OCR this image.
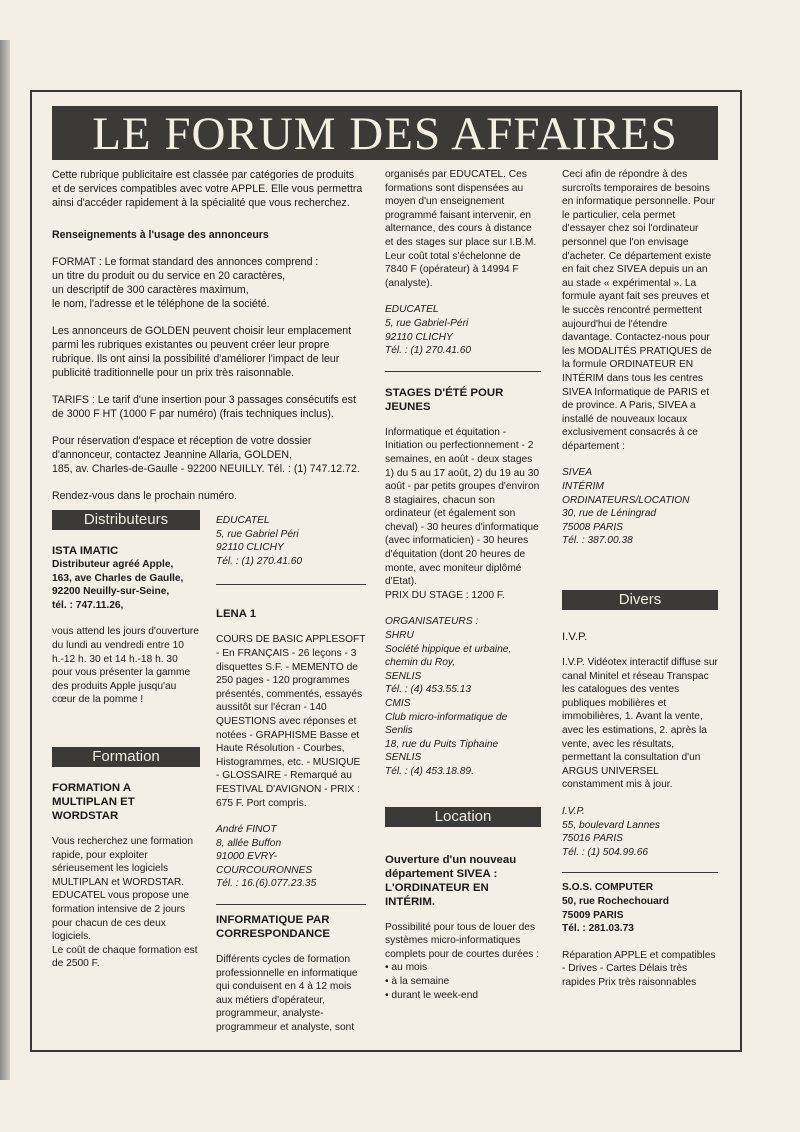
LE FORUM DES AFFAIRES

Cette rubrique publicitaire est classée par catégories de produits et de services compatibles avec votre APPLE. Elle vous permettra ainsi d'accéder rapidement à la spécialité que vous recherchez.

Renseignements à l'usage des annonceurs

FORMAT : Le format standard des annonces comprend :
un titre du produit ou du service en 20 caractères,
un descriptif de 300 caractères maximum,
le nom, l'adresse et le téléphone de la société.

Les annonceurs de GOLDEN peuvent choisir leur emplacement parmi les rubriques existantes ou peuvent créer leur propre rubrique. Ils ont ainsi la possibilité d'améliorer l'impact de leur publicité traditionnelle pour un prix très raisonnable.

TARIFS : Le tarif d'une insertion pour 3 passages consécutifs est de 3000 F HT (1000 F par numéro) (frais techniques inclus).

Pour réservation d'espace et réception de votre dossier
d'annonceur, contactez Jeannine Allaria, GOLDEN,
185, av. Charles-de-Gaulle - 92200 NEUILLY. Tél. : (1) 747.12.72.

Rendez-vous dans le prochain numéro.

Distributeurs
ISTA IMATIC

Distributeur agréé Apple,
163, ave Charles de Gaulle,
92200 Neuilly-sur-Seine,
tél. : 747.11.26,

vous attend les jours d'ouverture du lundi au vendredi entre 10 h.-12 h. 30 et 14 h.-18 h. 30 pour vous présenter la gamme des produits Apple jusqu'au cœur de la pomme !

Formation
FORMATION A
MULTIPLAN ET
WORDSTAR
Vous recherchez une formation rapide, pour exploiter sérieusement les logiciels MULTIPLAN et WORDSTAR.
EDUCATEL vous propose une formation intensive de 2 jours pour chacun de ces deux logiciels.
Le coût de chaque formation est de 2500 F.

EDUCATEL
5, rue Gabriel Péri
92110 CLICHY
Tél. : (1) 270.41.60

LENA 1

COURS DE BASIC APPLESOFT - En FRANÇAIS - 26 leçons - 3 disquettes S.F. - MEMENTO de 250 pages - 120 programmes présentés, commentés, essayés aussitôt sur l'écran - 140 QUESTIONS avec réponses et notées - GRAPHISME Basse et Haute Résolution - Courbes, Histogrammes, etc. - MUSIQUE - GLOSSAIRE - Remarqué au FESTIVAL D'AVIGNON - PRIX : 675 F. Port compris.

André FINOT
8, allée Buffon
91000 EVRY-
COURCOURONNES
Tél. : 16.(6).077.23.35

INFORMATIQUE PAR
CORRESPONDANCE

Différents cycles de formation professionnelle en informatique qui conduisent en 4 à 12 mois aux métiers d'opérateur, programmeur, analyste-programmeur et analyste, sont

organisés par EDUCATEL. Ces formations sont dispensées au moyen d'un enseignement programmé faisant intervenir, en alternance, des cours à distance et des stages sur place sur I.B.M. Leur coût total s'échelonne de 7840 F (opérateur) à 14994 F (analyste).

EDUCATEL
5, rue Gabriel-Péri
92110 CLICHY
Tél. : (1) 270.41.60

STAGES D'ÉTÉ POUR
JEUNES
Informatique et équitation - Initiation ou perfectionnement - 2 semaines, en août - deux stages 1) du 5 au 17 août, 2) du 19 au 30 août - par petits groupes d'environ 8 stagiaires, chacun son ordinateur (et également son cheval) - 30 heures d'informatique (avec informaticien) - 30 heures d'équitation (dont 20 heures de monte, avec moniteur diplômé d'Etat).

PRIX DU STAGE : 1200 F.

ORGANISATEURS :
SHRU
Société hippique et urbaine,
chemin du Roy,
SENLIS
Tél. : (4) 453.55.13
CMIS
Club micro-informatique de
Senlis
18, rue du Puits Tiphaine
SENLIS
Tél. : (4) 453.18.89.

Location
Ouverture d'un nouveau
département SIVEA :
L'ORDINATEUR EN
INTÉRIM.
Possibilité pour tous de louer des systèmes micro-informatiques complets pour de courtes durées :
• au mois
• à la semaine
• durant le week-end

Ceci afin de répondre à des surcroîts temporaires de besoins en informatique personnelle. Pour le particulier, cela permet d'essayer chez soi l'ordinateur personnel que l'on envisage d'acheter. Ce département existe en fait chez SIVEA depuis un an au stade « expérimental ». La formule ayant fait ses preuves et le succès rencontré permettent aujourd'hui de l'étendre davantage. Contactez-nous pour les MODALITÉS PRATIQUES de la formule ORDINATEUR EN INTÉRIM dans tous les centres SIVEA Informatique de PARIS et de province. A Paris, SIVEA a installé de nouveaux locaux exclusivement consacrés à ce département :

SIVEA
INTÉRIM
ORDINATEURS/LOCATION
30, rue de Léningrad
75008 PARIS
Tél. : 387.00.38

Divers
I.V.P.

I.V.P. Vidéotex interactif diffuse sur canal Minitel et réseau Transpac les catalogues des ventes publiques mobilières et immobilières, 1. Avant la vente, avec les estimations, 2. après la vente, avec les résultats, permettant la consultation d'un ARGUS UNIVERSEL constamment mis à jour.

I.V.P.
55, boulevard Lannes
75016 PARIS
Tél. : (1) 504.99.66

S.O.S. COMPUTER
50, rue Rochechouard
75009 PARIS
Tél. : 281.03.73

Réparation APPLE et compatibles - Drives - Cartes Délais très rapides Prix très raisonnables
